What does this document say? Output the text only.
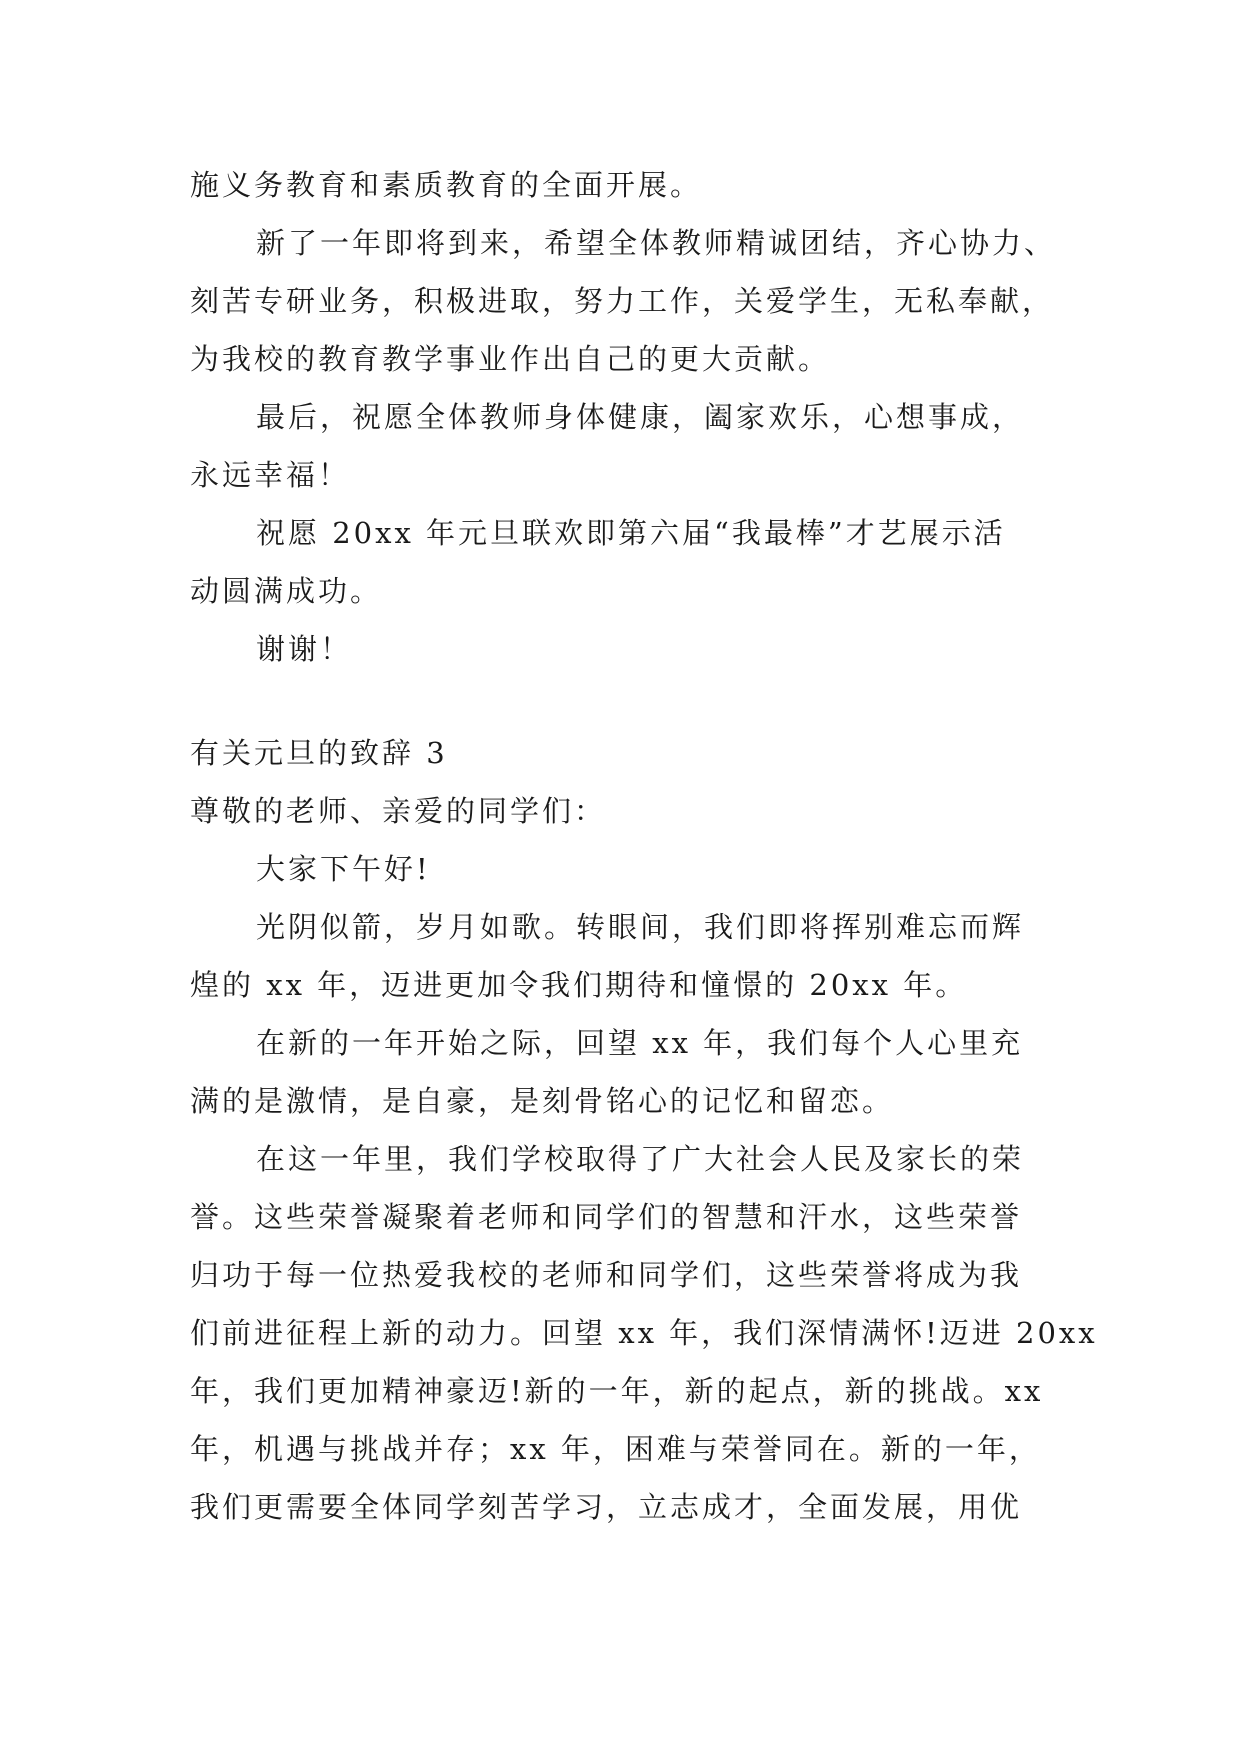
施义务教育和素质教育的全面开展。
新了一年即将到来，希望全体教师精诚团结，齐心协力、
刻苦专研业务，积极进取，努力工作，关爱学生，无私奉献，
为我校的教育教学事业作出自己的更大贡献。
最后，祝愿全体教师身体健康，阖家欢乐，心想事成，
永远幸福！
祝愿 20xx 年元旦联欢即第六届“我最棒”才艺展示活
动圆满成功。
谢谢！
有关元旦的致辞 3
尊敬的老师、亲爱的同学们：
大家下午好!
光阴似箭，岁月如歌。转眼间，我们即将挥别难忘而辉
煌的 xx 年，迈进更加令我们期待和憧憬的 20xx 年。
在新的一年开始之际，回望 xx 年，我们每个人心里充
满的是激情，是自豪，是刻骨铭心的记忆和留恋。
在这一年里，我们学校取得了广大社会人民及家长的荣
誉。这些荣誉凝聚着老师和同学们的智慧和汗水，这些荣誉
归功于每一位热爱我校的老师和同学们，这些荣誉将成为我
们前进征程上新的动力。回望 xx 年，我们深情满怀!迈进 20xx
年，我们更加精神豪迈!新的一年，新的起点，新的挑战。xx
年，机遇与挑战并存；xx 年，困难与荣誉同在。新的一年，
我们更需要全体同学刻苦学习，立志成才，全面发展，用优
